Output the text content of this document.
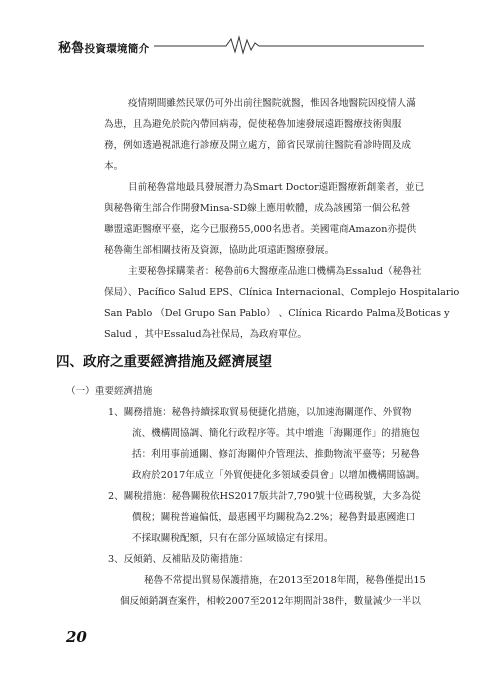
秘魯投資環境簡介
疫情期間雖然民眾仍可外出前往醫院就醫，惟因各地醫院因疫情人滿
為患，且為避免於院內帶回病毒，促使秘魯加速發展遠距醫療技術與服
務，例如透過視訊進行診療及開立處方，節省民眾前往醫院看診時間及成
本。
目前秘魯當地最具發展潛力為Smart Doctor遠距醫療新創業者，並已
與秘魯衛生部合作開發Minsa-SD線上應用軟體，成為該國第一個公私營
聯盟遠距醫療平臺，迄今已服務55,000名患者。美國電商Amazon亦提供
秘魯衛生部相關技術及資源，協助此項遠距醫療發展。
主要秘魯採購業者：秘魯前6大醫療產品進口機構為Essalud（秘魯社
保局）、Pacífico Salud EPS、Clínica Internacional、Complejo Hospitalario
San Pablo （Del Grupo San Pablo） 、Clínica Ricardo Palma及Boticas y
Salud ，其中Essalud為社保局，為政府單位。
四、政府之重要經濟措施及經濟展望
（一）重要經濟措施
1、關務措施：秘魯持續採取貿易便捷化措施，以加速海關運作、外貿物
流、機構間協調、簡化行政程序等。其中增進「海關運作」的措施包
括：利用事前通關、修訂海關仲介管理法、推動物流平臺等；另秘魯
政府於2017年成立「外貿便捷化多領域委員會」以增加機構間協調。
2、關稅措施：秘魯關稅依HS2017版共計7,790號十位碼稅號，大多為從
價稅；關稅普遍偏低，最惠國平均關稅為2.2%；秘魯對最惠國進口
不採取關稅配額，只有在部分區域協定有採用。
3、反傾銷、反補貼及防衛措施：
秘魯不常提出貿易保護措施，在2013至2018年間，秘魯僅提出15
個反傾銷調查案件，相較2007至2012年期間計38件，數量減少一半以
20
